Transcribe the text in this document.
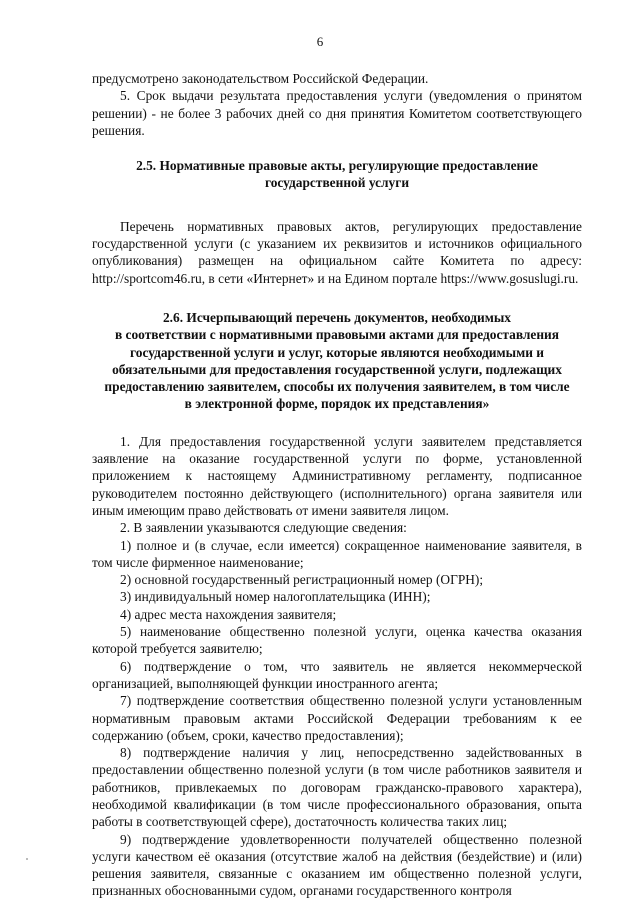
6

предусмотрено законодательством Российской Федерации.

5. Срок выдачи результата предоставления услуги (уведомления о принятом решении) - не более 3 рабочих дней со дня принятия Комитетом соответствующего решения.

2.5. Нормативные правовые акты, регулирующие предоставление
государственной услуги

Перечень нормативных правовых актов, регулирующих предоставление государственной услуги (с указанием их реквизитов и источников официального опубликования) размещен на официальном сайте Комитета по адресу: http://sportcom46.ru, в сети «Интернет» и на Едином портале https://www.gosuslugi.ru.

2.6. Исчерпывающий перечень документов, необходимых
в соответствии с нормативными правовыми актами для предоставления
государственной услуги и услуг, которые являются необходимыми и
обязательными для предоставления государственной услуги, подлежащих
предоставлению заявителем, способы их получения заявителем, в том числе
в электронной форме, порядок их представления»

1. Для предоставления государственной услуги заявителем представляется заявление на оказание государственной услуги по форме, установленной приложением к настоящему Административному регламенту, подписанное руководителем постоянно действующего (исполнительного) органа заявителя или иным имеющим право действовать от имени заявителя лицом.

2. В заявлении указываются следующие сведения:

1) полное и (в случае, если имеется) сокращенное наименование заявителя, в том числе фирменное наименование;

2) основной государственный регистрационный номер (ОГРН);

3) индивидуальный номер налогоплательщика (ИНН);

4) адрес места нахождения заявителя;

5) наименование общественно полезной услуги, оценка качества оказания которой требуется заявителю;

6) подтверждение о том, что заявитель не является некоммерческой организацией, выполняющей функции иностранного агента;

7) подтверждение соответствия общественно полезной услуги установленным нормативным правовым актами Российской Федерации требованиям к ее содержанию (объем, сроки, качество предоставления);

8) подтверждение наличия у лиц, непосредственно задействованных в предоставлении общественно полезной услуги (в том числе работников заявителя и работников, привлекаемых по договорам гражданско-правового характера), необходимой квалификации (в том числе профессионального образования, опыта работы в соответствующей сфере), достаточность количества таких лиц;

9) подтверждение удовлетворенности получателей общественно полезной услуги качеством её оказания (отсутствие жалоб на действия (бездействие) и (или) решения заявителя, связанные с оказанием им общественно полезной услуги, признанных обоснованными судом, органами государственного контроля
